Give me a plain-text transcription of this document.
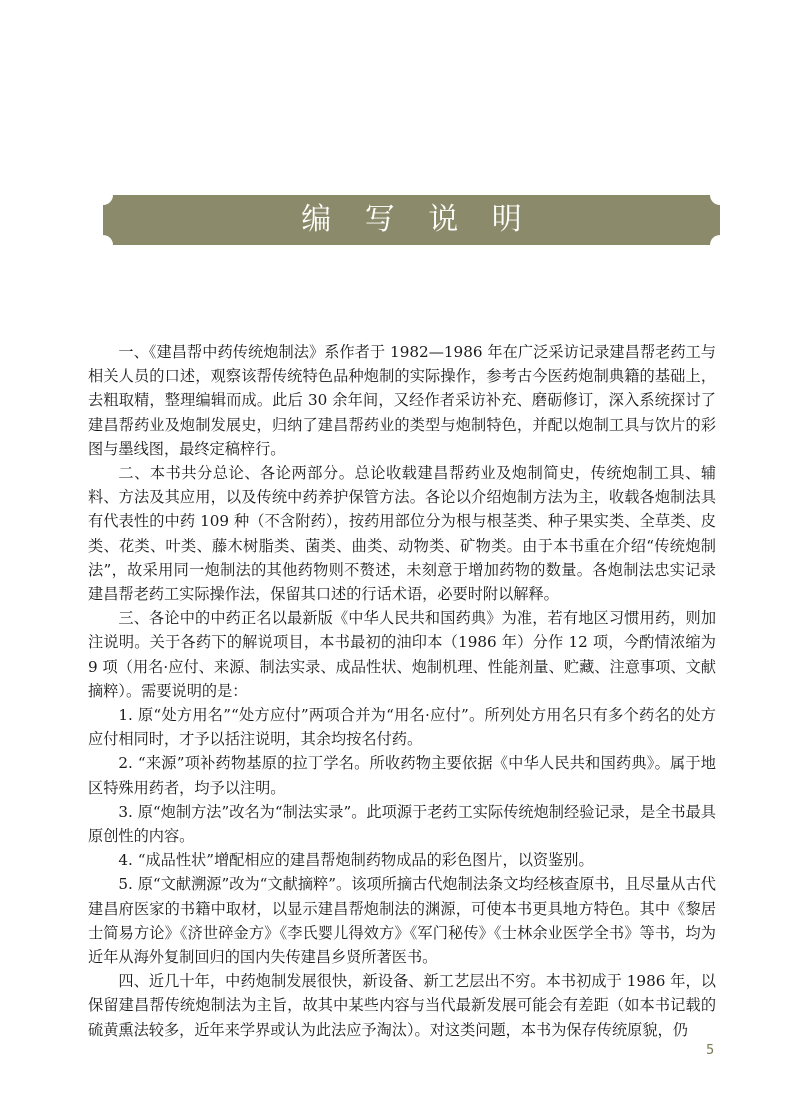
编 写 说 明

一、《建昌帮中药传统炮制法》系作者于 1982—1986 年在广泛采访记录建昌帮老药工与相关人员的口述，观察该帮传统特色品种炮制的实际操作，参考古今医药炮制典籍的基础上，去粗取精，整理编辑而成。此后 30 余年间，又经作者采访补充、磨砺修订，深入系统探讨了建昌帮药业及炮制发展史，归纳了建昌帮药业的类型与炮制特色，并配以炮制工具与饮片的彩图与墨线图，最终定稿梓行。

二、本书共分总论、各论两部分。总论收载建昌帮药业及炮制简史，传统炮制工具、辅料、方法及其应用，以及传统中药养护保管方法。各论以介绍炮制方法为主，收载各炮制法具有代表性的中药 109 种（不含附药），按药用部位分为根与根茎类、种子果实类、全草类、皮类、花类、叶类、藤木树脂类、菌类、曲类、动物类、矿物类。由于本书重在介绍“传统炮制法”，故采用同一炮制法的其他药物则不赘述，未刻意于增加药物的数量。各炮制法忠实记录建昌帮老药工实际操作法，保留其口述的行话术语，必要时附以解释。

三、各论中的中药正名以最新版《中华人民共和国药典》为准，若有地区习惯用药，则加注说明。关于各药下的解说项目，本书最初的油印本（1986 年）分作 12 项，今酌情浓缩为 9 项（用名·应付、来源、制法实录、成品性状、炮制机理、性能剂量、贮藏、注意事项、文献摘粹）。需要说明的是：

1. 原“处方用名”“处方应付”两项合并为“用名·应付”。所列处方用名只有多个药名的处方应付相同时，才予以括注说明，其余均按名付药。

2. “来源”项补药物基原的拉丁学名。所收药物主要依据《中华人民共和国药典》。属于地区特殊用药者，均予以注明。

3. 原“炮制方法”改名为“制法实录”。此项源于老药工实际传统炮制经验记录，是全书最具原创性的内容。

4. “成品性状”增配相应的建昌帮炮制药物成品的彩色图片，以资鉴别。

5. 原“文献溯源”改为“文献摘粹”。该项所摘古代炮制法条文均经核查原书，且尽量从古代建昌府医家的书籍中取材，以显示建昌帮炮制法的渊源，可使本书更具地方特色。其中《黎居士简易方论》《济世碎金方》《李氏婴儿得效方》《军门秘传》《士林余业医学全书》等书，均为近年从海外复制回归的国内失传建昌乡贤所著医书。

四、近几十年，中药炮制发展很快，新设备、新工艺层出不穷。本书初成于 1986 年，以保留建昌帮传统炮制法为主旨，故其中某些内容与当代最新发展可能会有差距（如本书记载的硫黄熏法较多，近年来学界或认为此法应予淘汰）。对这类问题，本书为保存传统原貌，仍

5
